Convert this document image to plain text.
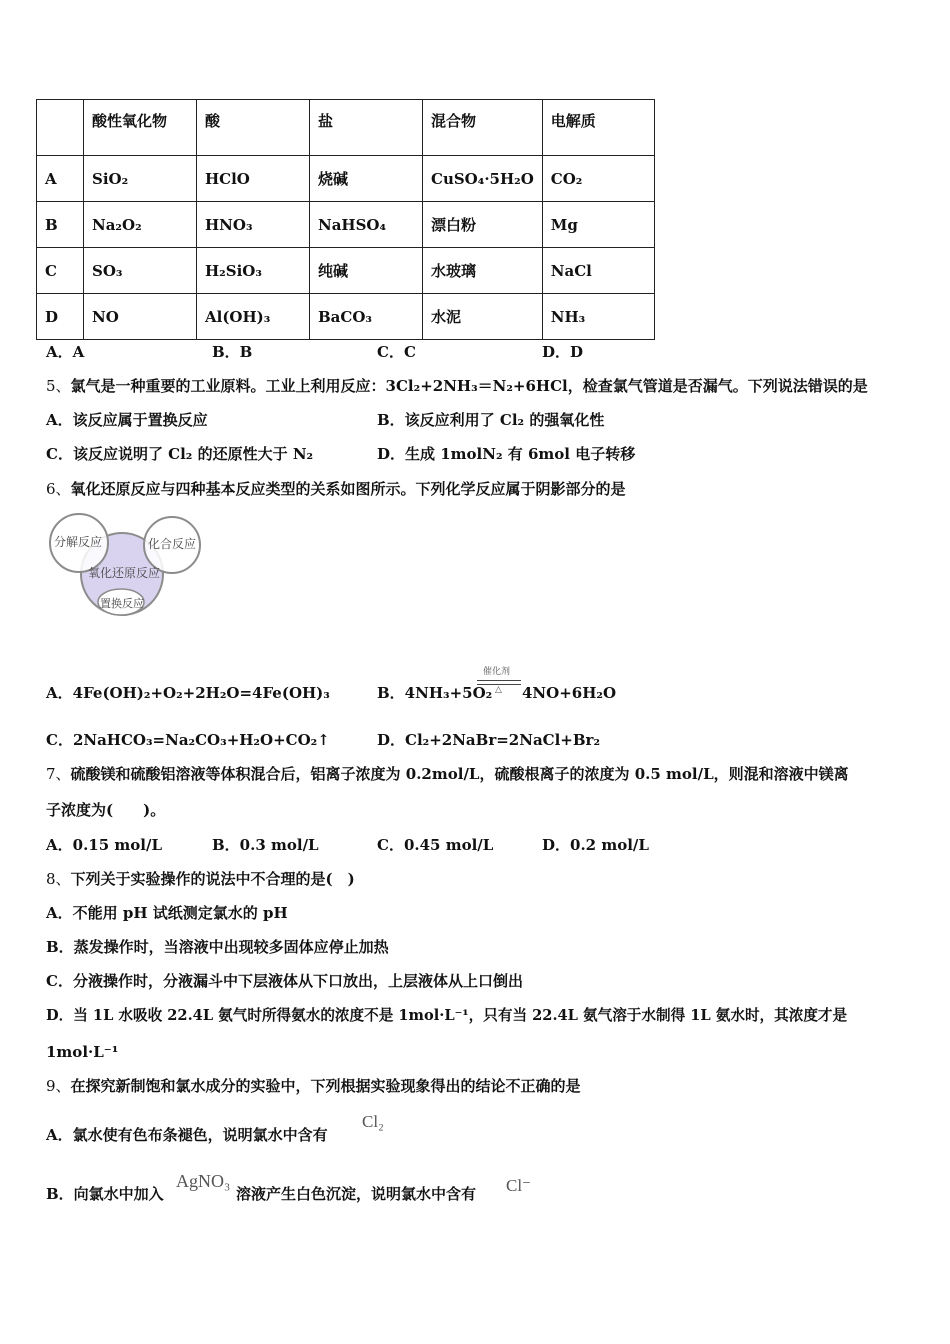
	酸性氧化物	酸	盐	混合物	电解质
A	SiO₂	HClO	烧碱	CuSO₄·5H₂O	CO₂
B	Na₂O₂	HNO₃	NaHSO₄	漂白粉	Mg
C	SO₃	H₂SiO₃	纯碱	水玻璃	NaCl
D	NO	Al(OH)₃	BaCO₃	水泥	NH₃
A．A	B．B	C．C	D．D
5、氯气是一种重要的工业原料。工业上利用反应：3Cl₂+2NH₃＝N₂+6HCl，检查氯气管道是否漏气。下列说法错误的是
A．该反应属于置换反应	B．该反应利用了 Cl₂ 的强氧化性
C．该反应说明了 Cl₂ 的还原性大于 N₂	D．生成 1molN₂ 有 6mol 电子转移
6、氧化还原反应与四种基本反应类型的关系如图所示。下列化学反应属于阴影部分的是
分解反应	化合反应
氧化还原反应
置换反应
A．4Fe(OH)₂+O₂+2H₂O=4Fe(OH)₃	B．4NH₃+5O₂
催化剂
△ 4NO+6H₂O
C．2NaHCO₃=Na₂CO₃+H₂O+CO₂↑	D．Cl₂+2NaBr=2NaCl+Br₂
7、硫酸镁和硫酸铝溶液等体积混合后，铝离子浓度为 0.2mol/L，硫酸根离子的浓度为 0.5 mol/L，则混和溶液中镁离
子浓度为(　　)。
A．0.15 mol/L	B．0.3 mol/L	C．0.45 mol/L	D．0.2 mol/L
8、下列关于实验操作的说法中不合理的是(　)
A．不能用 pH 试纸测定氯水的 pH
B．蒸发操作时，当溶液中出现较多固体应停止加热
C．分液操作时，分液漏斗中下层液体从下口放出，上层液体从上口倒出
D．当 1L 水吸收 22.4L 氨气时所得氨水的浓度不是 1mol·L⁻¹，只有当 22.4L 氨气溶于水制得 1L 氨水时，其浓度才是
1mol·L⁻¹
9、在探究新制饱和氯水成分的实验中，下列根据实验现象得出的结论不正确的是
A．氯水使有色布条褪色，说明氯水中含有
Cl₂
B．向氯水中加入
AgNO₃
溶液产生白色沉淀，说明氯水中含有 Cl⁻
